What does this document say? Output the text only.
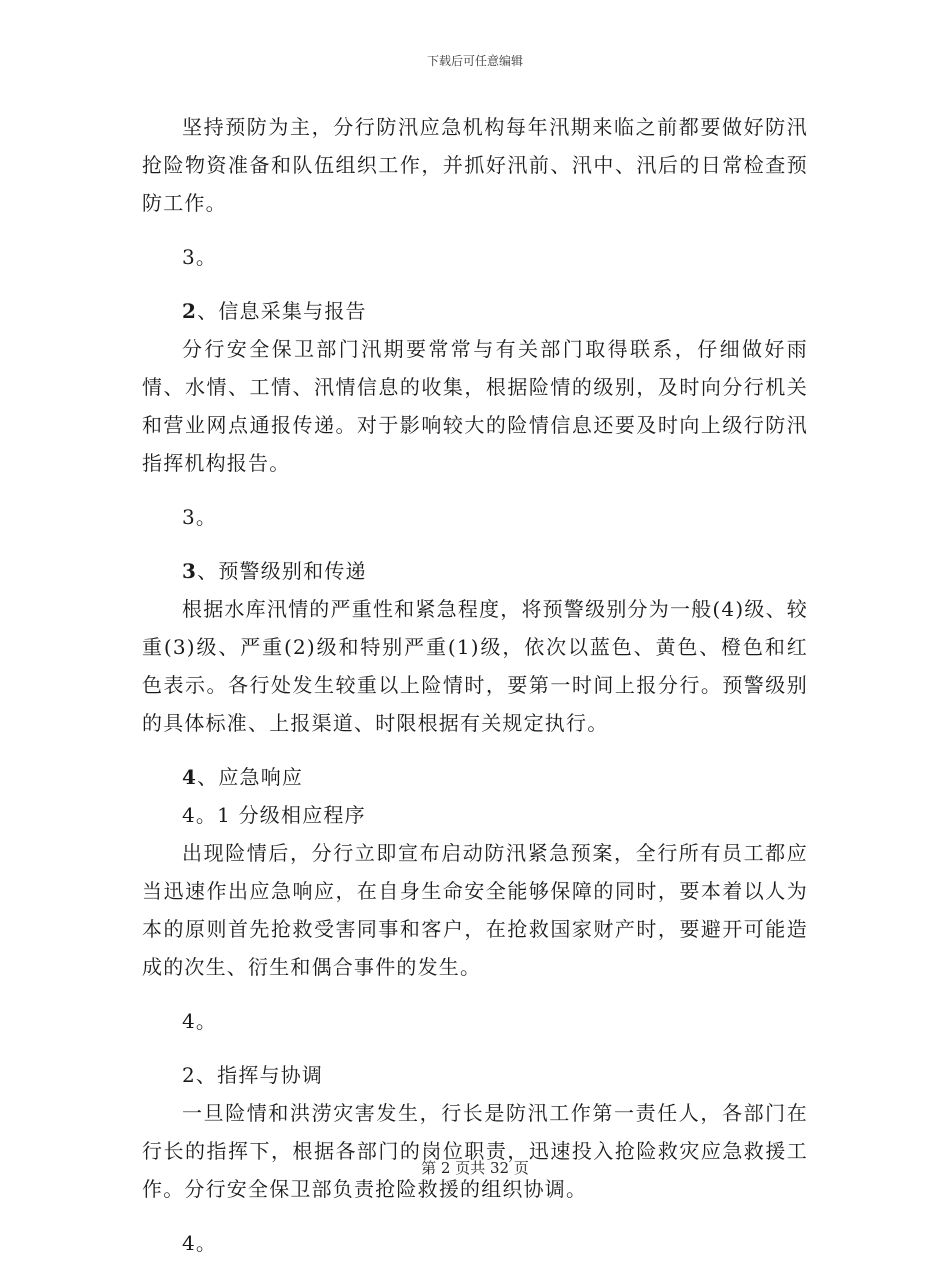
下载后可任意编辑

坚持预防为主，分行防汛应急机构每年汛期来临之前都要做好防汛抢险物资准备和队伍组织工作，并抓好汛前、汛中、汛后的日常检查预防工作。

3。

2、信息采集与报告

分行安全保卫部门汛期要常常与有关部门取得联系，仔细做好雨情、水情、工情、汛情信息的收集，根据险情的级别，及时向分行机关和营业网点通报传递。对于影响较大的险情信息还要及时向上级行防汛指挥机构报告。

3。

3、预警级别和传递

根据水库汛情的严重性和紧急程度，将预警级别分为一般(4)级、较重(3)级、严重(2)级和特别严重(1)级，依次以蓝色、黄色、橙色和红色表示。各行处发生较重以上险情时，要第一时间上报分行。预警级别的具体标准、上报渠道、时限根据有关规定执行。

4、应急响应

4。1 分级相应程序

出现险情后，分行立即宣布启动防汛紧急预案，全行所有员工都应当迅速作出应急响应，在自身生命安全能够保障的同时，要本着以人为本的原则首先抢救受害同事和客户，在抢救国家财产时，要避开可能造成的次生、衍生和偶合事件的发生。

4。

2、指挥与协调

一旦险情和洪涝灾害发生，行长是防汛工作第一责任人，各部门在行长的指挥下，根据各部门的岗位职责，迅速投入抢险救灾应急救援工作。分行安全保卫部负责抢险救援的组织协调。

4。

第 2 页共 32 页
